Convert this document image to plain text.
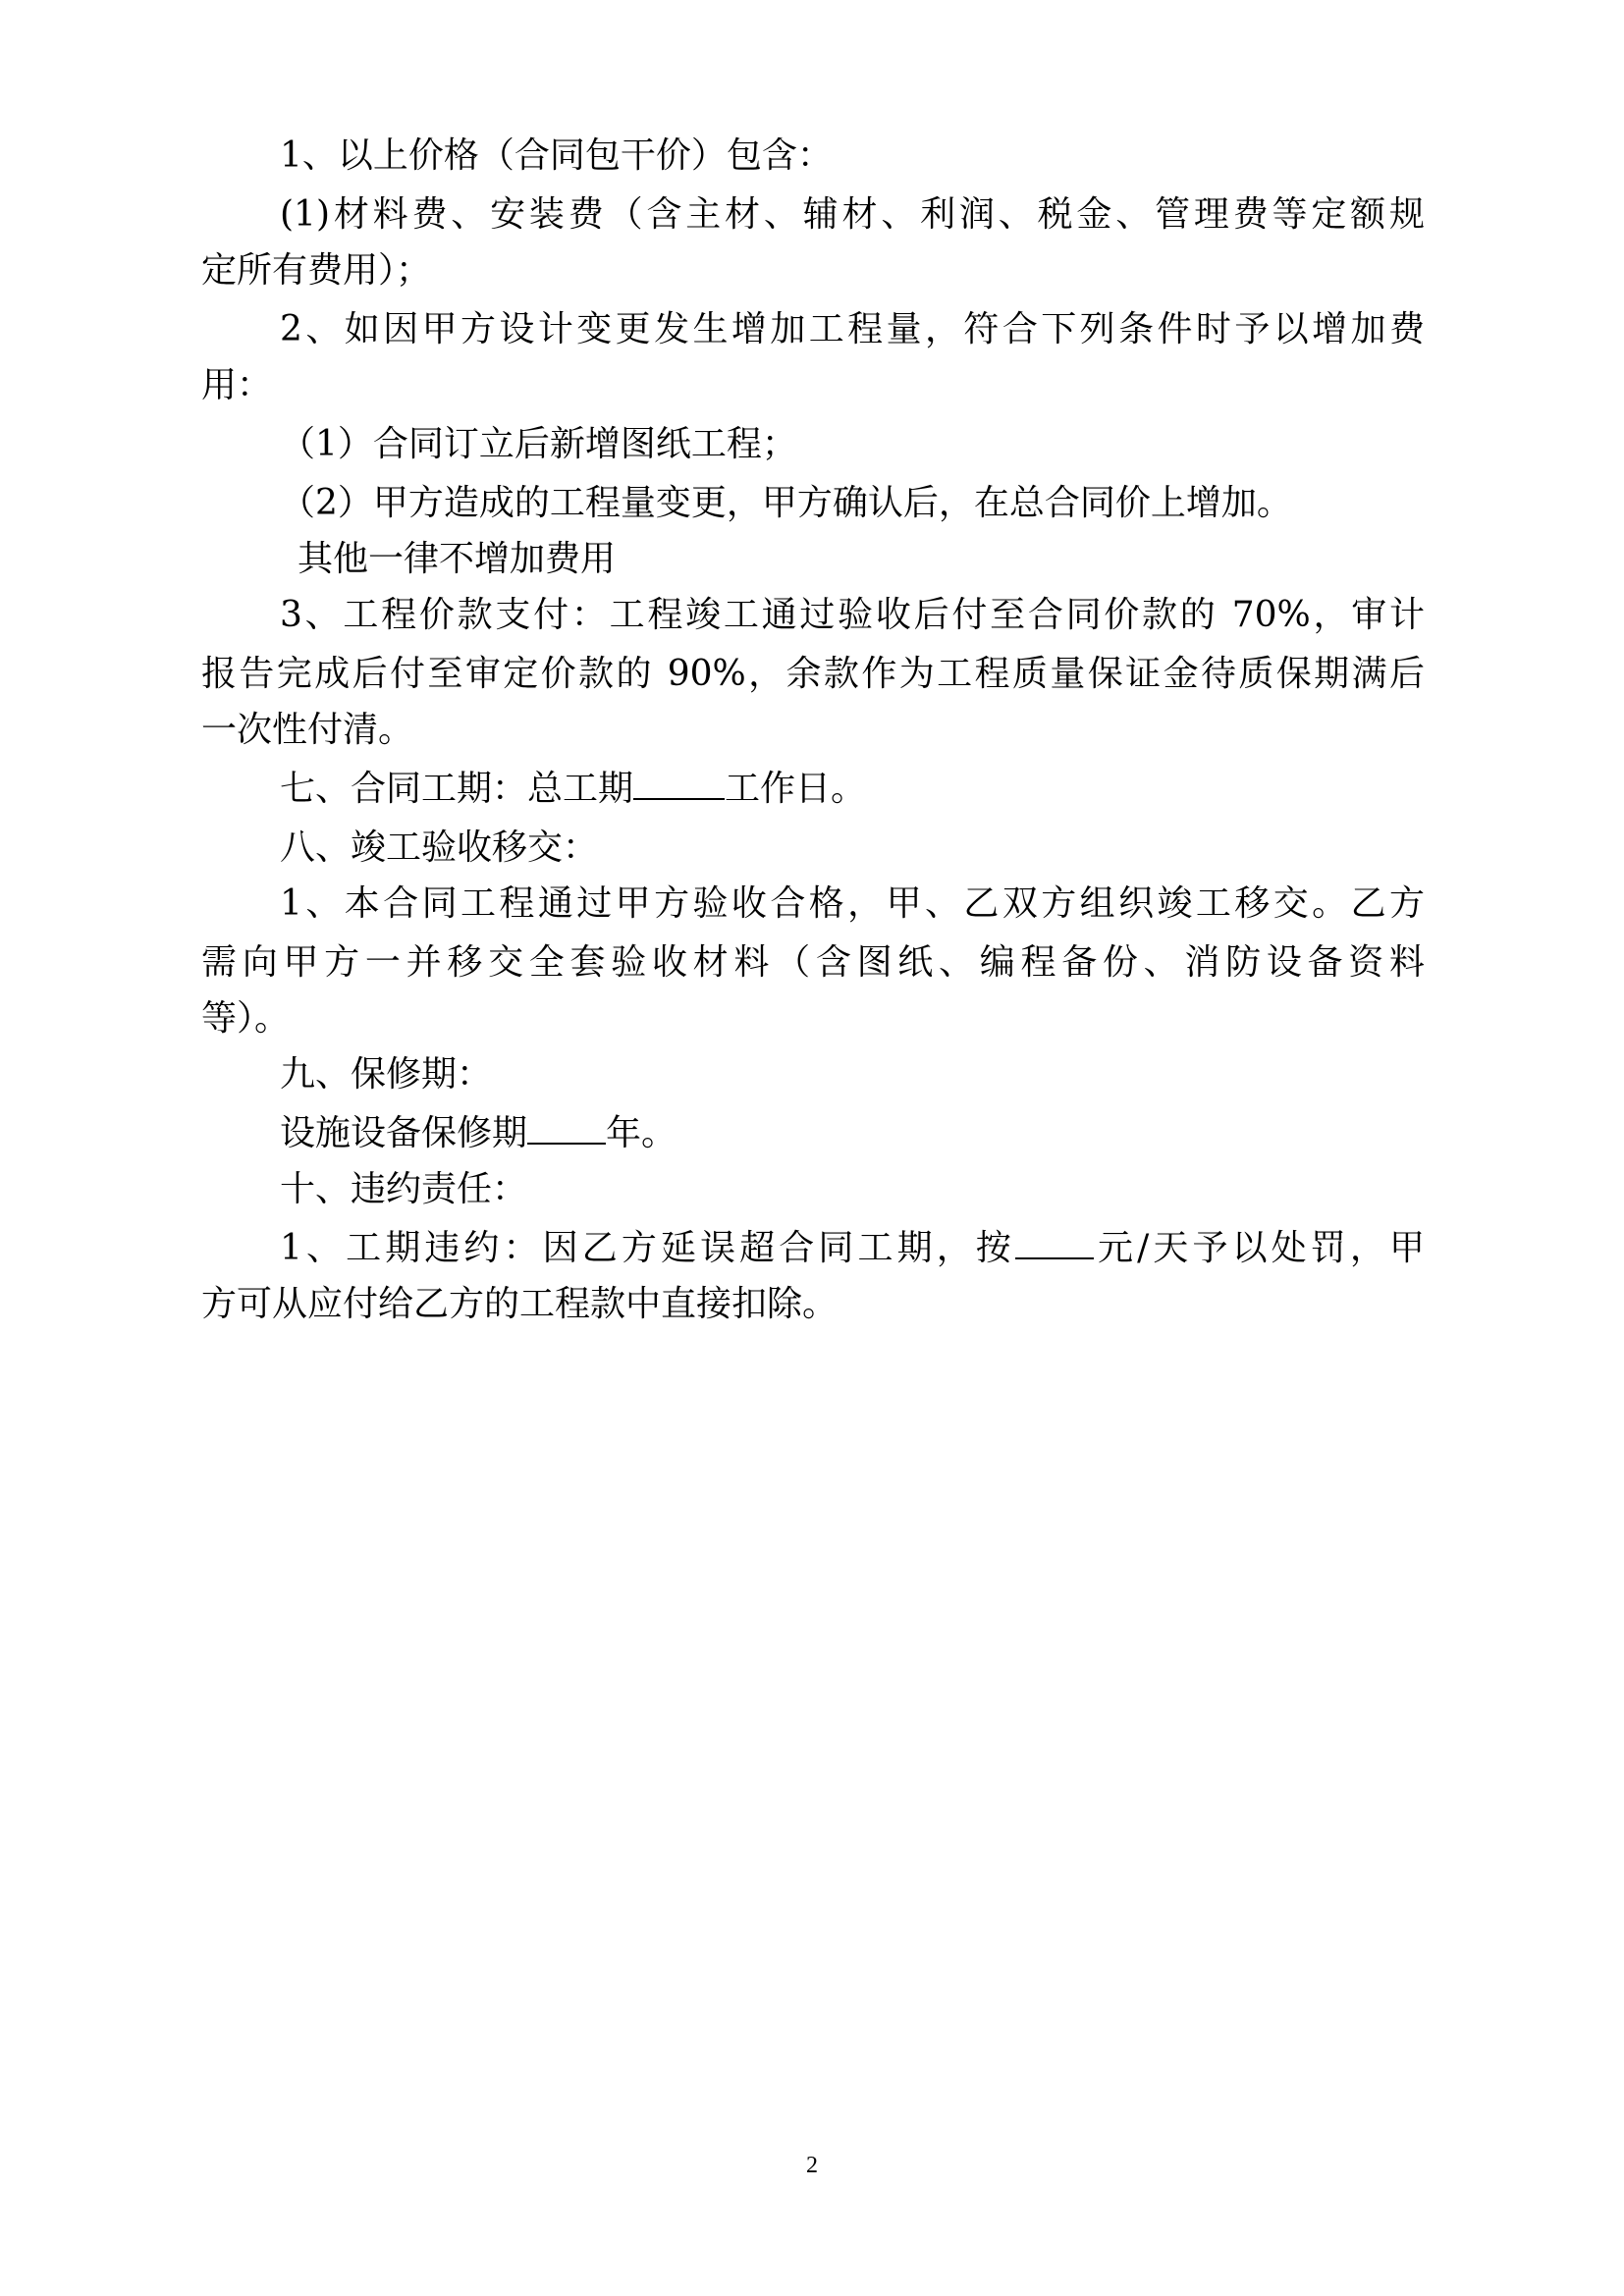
1、以上价格（合同包干价）包含：
(1)材料费、安装费（含主材、辅材、利润、税金、管理费等定额规
定所有费用）；
2、如因甲方设计变更发生增加工程量，符合下列条件时予以增加费
用：
（1）合同订立后新增图纸工程；
（2）甲方造成的工程量变更，甲方确认后，在总合同价上增加。
其他一律不增加费用
3、工程价款支付：工程竣工通过验收后付至合同价款的 70%，审计
报告完成后付至审定价款的 90%，余款作为工程质量保证金待质保期满后
一次性付清。
七、合同工期：总工期	工作日。
八、竣工验收移交：
1、本合同工程通过甲方验收合格，甲、乙双方组织竣工移交。乙方
需向甲方一并移交全套验收材料（含图纸、编程备份、消防设备资料
等）。
九、保修期：
设施设备保修期 年。
十、违约责任：
1、工期违约：因乙方延误超合同工期，按 元/天予以处罚，甲
方可从应付给乙方的工程款中直接扣除。
2
